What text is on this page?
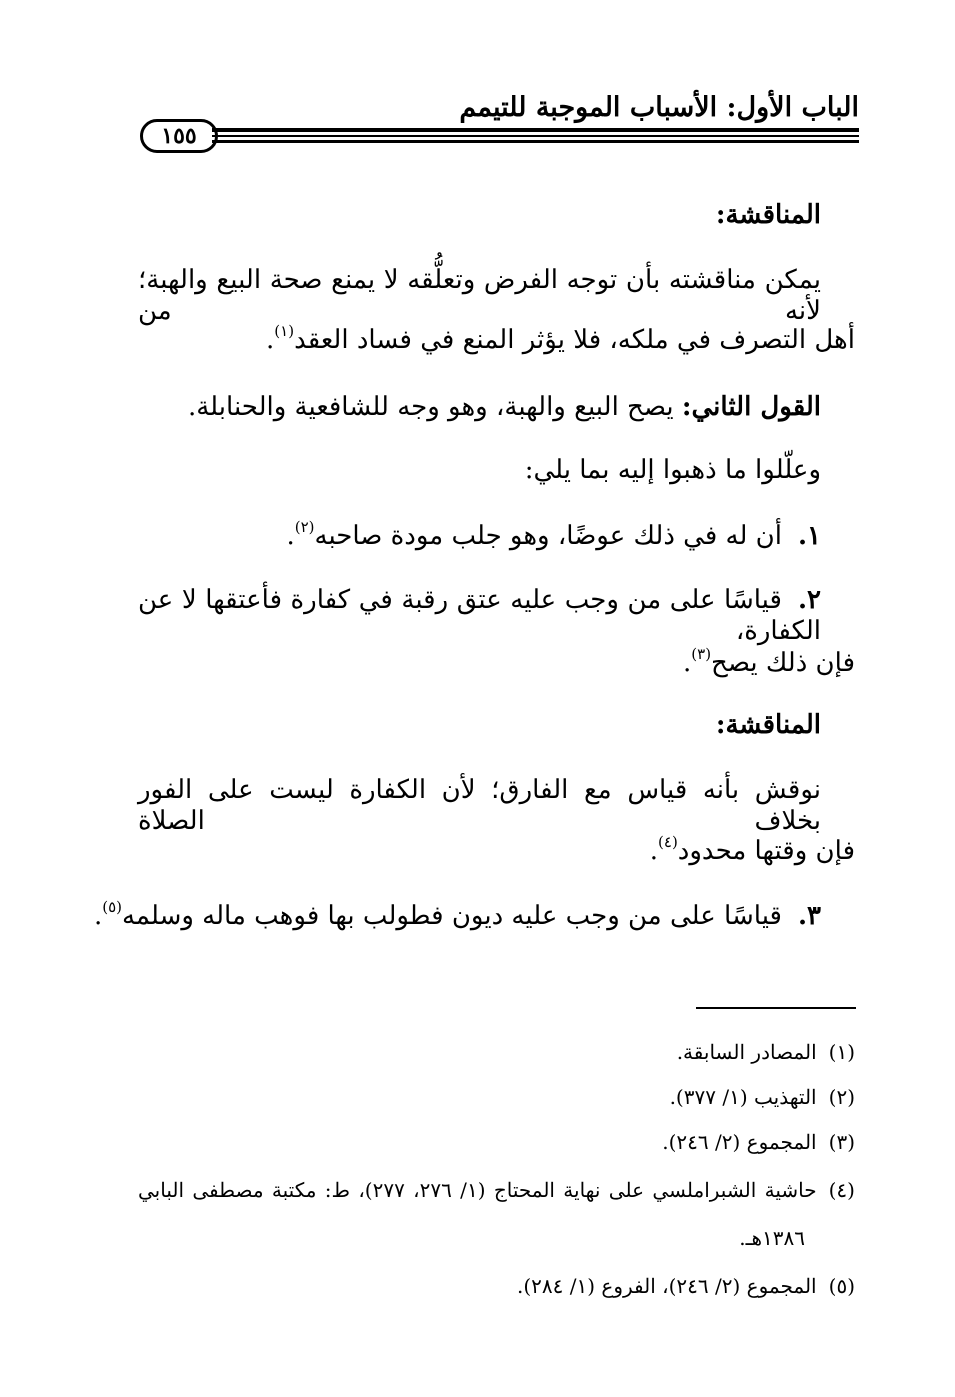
الباب الأول: الأسباب الموجبة للتيمم
١٥٥
المناقشة:
يمكن مناقشته بأن توجه الفرض وتعلُّقه لا يمنع صحة البيع والهبة؛ لأنه من
أهل التصرف في ملكه، فلا يؤثر المنع في فساد العقد$^{(١)}$.
القول الثاني: يصح البيع والهبة، وهو وجه للشافعية والحنابلة.
وعلّلوا ما ذهبوا إليه بما يلي:
١.أن له في ذلك عوضًا، وهو جلب مودة صاحبه$^{(٢)}$.
٢.قياسًا على من وجب عليه عتق رقبة في كفارة فأعتقها لا عن الكفارة،
فإن ذلك يصح$^{(٣)}$.
المناقشة:
نوقش بأنه قياس مع الفارق؛ لأن الكفارة ليست على الفور بخلاف الصلاة
فإن وقتها محدود$^{(٤)}$.
٣.قياسًا على من وجب عليه ديون فطولب بها فوهب ماله وسلمه$^{(٥)}$.
(١)المصادر السابقة.
(٢)التهذيب (١/ ٣٧٧).
(٣)المجموع (٢/ ٢٤٦).
(٤)حاشية الشبراملسي على نهاية المحتاج (١/ ٢٧٦، ٢٧٧)، ط: مكتبة مصطفى البابي
١٣٨٦هـ.
(٥)المجموع (٢/ ٢٤٦)، الفروع (١/ ٢٨٤).
